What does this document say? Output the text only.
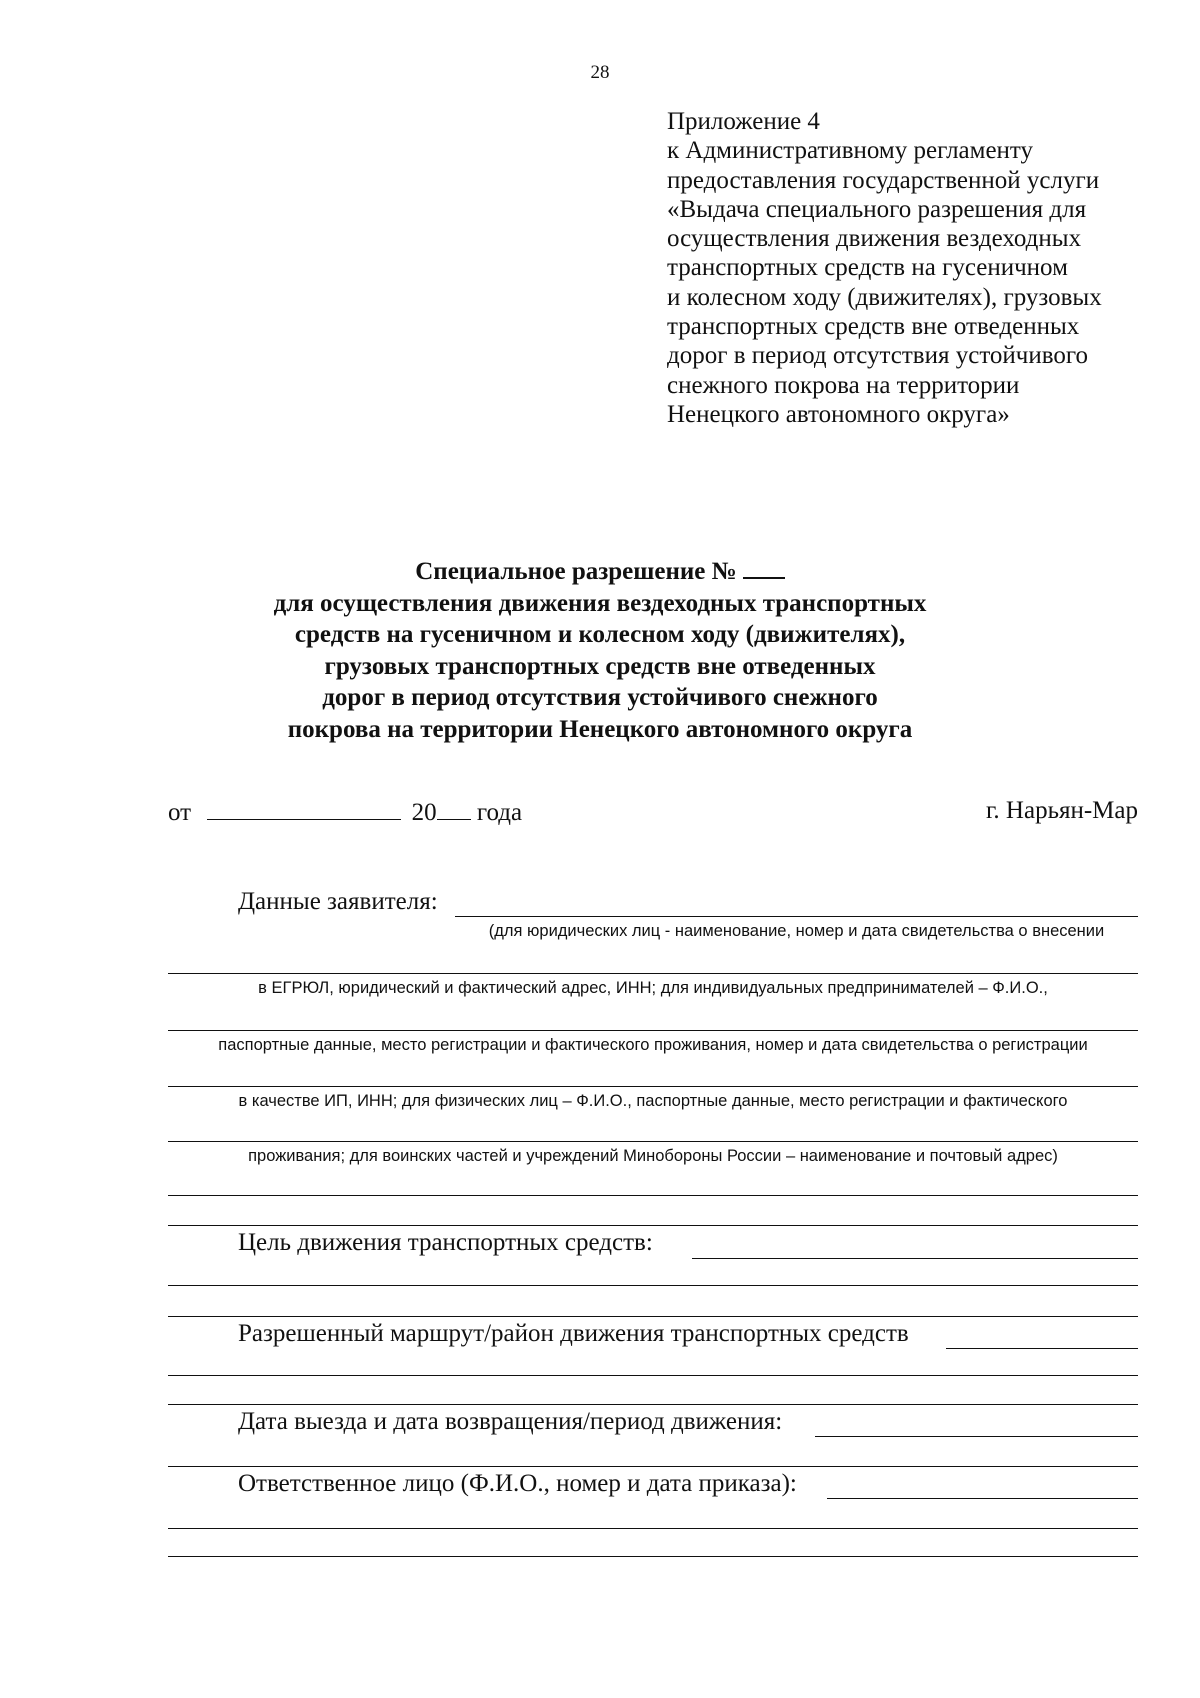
28
Приложение 4
к Административному регламенту
предоставления государственной услуги
«Выдача специального разрешения для
осуществления движения вездеходных
транспортных средств на гусеничном
и колесном ходу (движителях), грузовых
транспортных средств вне отведенных
дорог в период отсутствия устойчивого
снежного покрова на территории
Ненецкого автономного округа»
Специальное разрешение №
для осуществления движения вездеходных транспортных
средств на гусеничном и колесном ходу (движителях),
грузовых транспортных средств вне отведенных
дорог в период отсутствия устойчивого снежного
покрова на территории Ненецкого автономного округа
от	20 года	г. Нарьян-Мар
Данные заявителя:
(для юридических лиц - наименование, номер и дата свидетельства о внесении
в ЕГРЮЛ, юридический и фактический адрес, ИНН; для индивидуальных предпринимателей – Ф.И.О.,
паспортные данные, место регистрации и фактического проживания, номер и дата свидетельства о регистрации
в качестве ИП, ИНН; для физических лиц – Ф.И.О., паспортные данные, место регистрации и фактического
проживания; для воинских частей и учреждений Минобороны России – наименование и почтовый адрес)
Цель движения транспортных средств:
Разрешенный маршрут/район движения транспортных средств
Дата выезда и дата возвращения/период движения:
Ответственное лицо (Ф.И.О., номер и дата приказа):
